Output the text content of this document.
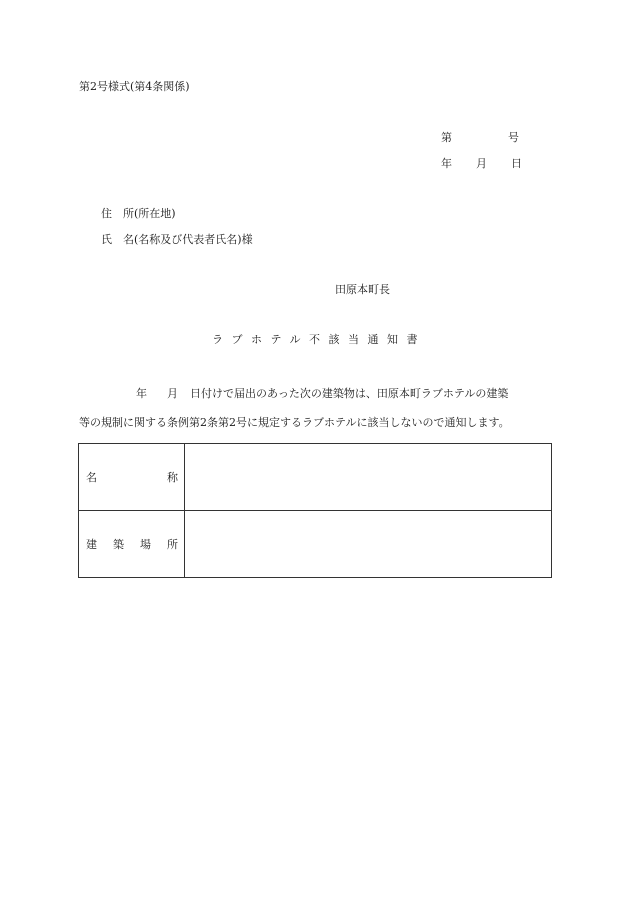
第2号様式(第4条関係)
第	号
年 月 日
住　所(所在地)
氏　名(名称及び代表者氏名)様
田原本町長
ラブホテル不該当通知書
年 月 日付けで届出のあった次の建築物は、田原本町ラブホテルの建築
等の規制に関する条例第2条第2号に規定するラブホテルに該当しないので通知します。
名 称	

建 築 場 所	
